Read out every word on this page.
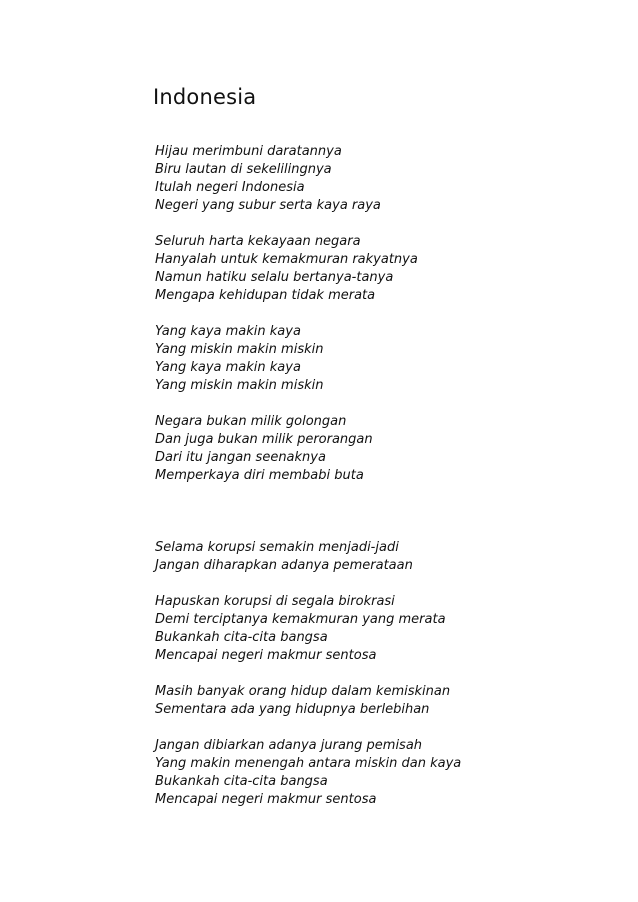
Indonesia
Hijau merimbuni daratannya
Biru lautan di sekelilingnya
Itulah negeri Indonesia
Negeri yang subur serta kaya raya
Seluruh harta kekayaan negara
Hanyalah untuk kemakmuran rakyatnya
Namun hatiku selalu bertanya-tanya
Mengapa kehidupan tidak merata
Yang kaya makin kaya
Yang miskin makin miskin
Yang kaya makin kaya
Yang miskin makin miskin
Negara bukan milik golongan
Dan juga bukan milik perorangan
Dari itu jangan seenaknya
Memperkaya diri membabi buta
Selama korupsi semakin menjadi-jadi
Jangan diharapkan adanya pemerataan
Hapuskan korupsi di segala birokrasi
Demi terciptanya kemakmuran yang merata
Bukankah cita-cita bangsa
Mencapai negeri makmur sentosa
Masih banyak orang hidup dalam kemiskinan
Sementara ada yang hidupnya berlebihan
Jangan dibiarkan adanya jurang pemisah
Yang makin menengah antara miskin dan kaya
Bukankah cita-cita bangsa
Mencapai negeri makmur sentosa
